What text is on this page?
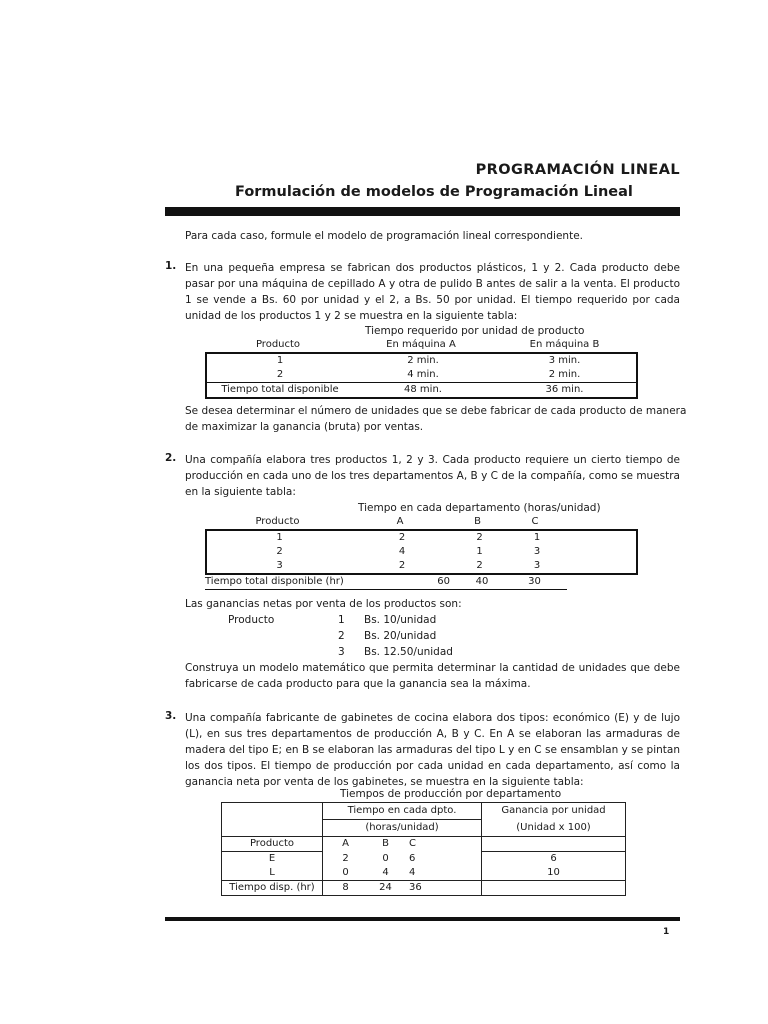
PROGRAMACIÓN LINEAL
Formulación de modelos de Programación Lineal
Para cada caso, formule el modelo de programación lineal correspondiente.
1. En una pequeña empresa se fabrican dos productos plásticos, 1 y 2. Cada producto debe
pasar por una máquina de cepillado A y otra de pulido B antes de salir a la venta. El producto
1 se vende a Bs. 60 por unidad y el 2, a Bs. 50 por unidad. El tiempo requerido por cada
unidad de los productos 1 y 2 se muestra en la siguiente tabla:
Tiempo requerido por unidad de producto
Producto	En máquina A	En máquina B
1	2 min.	3 min.
2	4 min.	2 min.
Tiempo total disponible	48 min.	36 min.
Se desea determinar el número de unidades que se debe fabricar de cada producto de manera
de maximizar la ganancia (bruta) por ventas.
2. Una compañía elabora tres productos 1, 2 y 3. Cada producto requiere un cierto tiempo de
producción en cada uno de los tres departamentos A, B y C de la compañía, como se muestra
en la siguiente tabla:
Tiempo en cada departamento (horas/unidad)
Producto	A	B	C	
1	2	2	1	
2	4	1	3	
3	2	2	3	
Tiempo total disponible (hr)	60	40	30
Las ganancias netas por venta de los productos son:
Producto	1 Bs. 10/unidad
2 Bs. 20/unidad
3 Bs. 12.50/unidad
Construya un modelo matemático que permita determinar la cantidad de unidades que debe
fabricarse de cada producto para que la ganancia sea la máxima.
3. Una compañía fabricante de gabinetes de cocina elabora dos tipos: económico (E) y de lujo
(L), en sus tres departamentos de producción A, B y C. En A se elaboran las armaduras de
madera del tipo E; en B se elaboran las armaduras del tipo L y en C se ensamblan y se pintan
los dos tipos. El tiempo de producción por cada unidad en cada departamento, así como la
ganancia neta por venta de los gabinetes, se muestra en la siguiente tabla:
Tiempos de producción por departamento
	Tiempo en cada dpto.			Ganancia por unidad
	(horas/unidad)			(Unidad x 100)
Producto	A	B	C	
E	2	0	6	6
L	0	4	4	10
Tiempo disp. (hr)	8	24	36	
1
